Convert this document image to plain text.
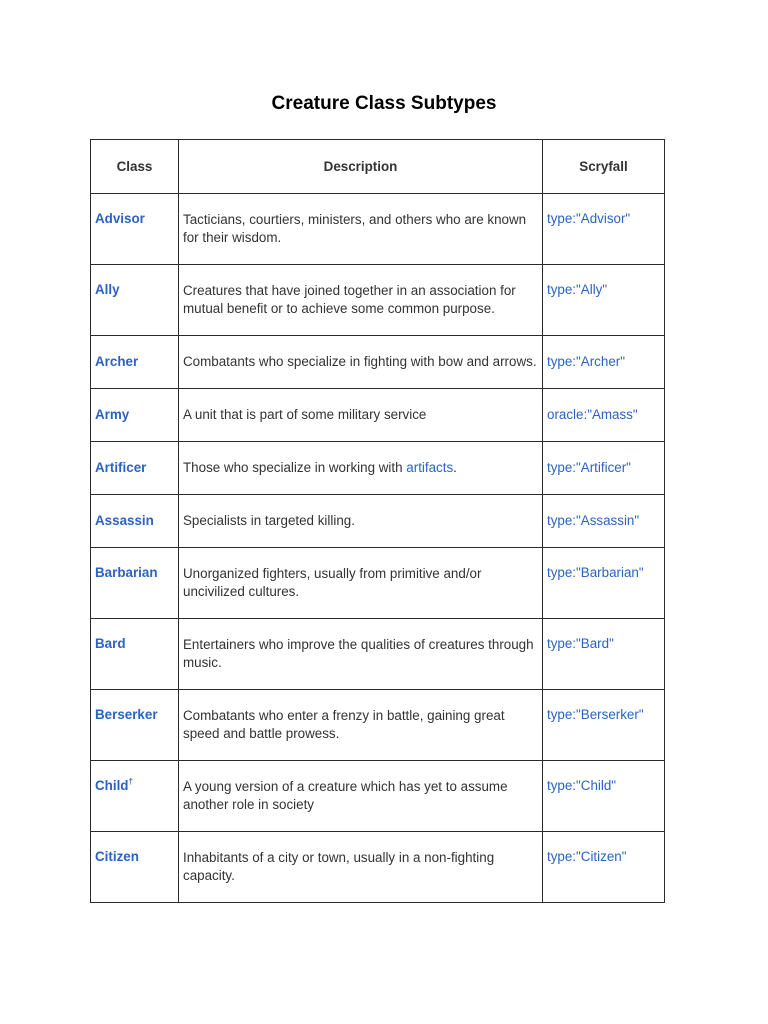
Creature Class Subtypes
Class	Description	Scryfall
Advisor	Tacticians, courtiers, ministers, and others who are known for their wisdom.	type:"Advisor"
Ally	Creatures that have joined together in an association for mutual benefit or to achieve some common purpose.	type:"Ally"
Archer	Combatants who specialize in fighting with bow and arrows.	type:"Archer"
Army	A unit that is part of some military service	oracle:"Amass"
Artificer	Those who specialize in working with artifacts.	type:"Artificer"
Assassin	Specialists in targeted killing.	type:"Assassin"
Barbarian	Unorganized fighters, usually from primitive and/or uncivilized cultures.	type:"Barbarian"
Bard	Entertainers who improve the qualities of creatures through music.	type:"Bard"
Berserker	Combatants who enter a frenzy in battle, gaining great speed and battle prowess.	type:"Berserker"
Child†	A young version of a creature which has yet to assume another role in society	type:"Child"
Citizen	Inhabitants of a city or town, usually in a non-fighting capacity.	type:"Citizen"
